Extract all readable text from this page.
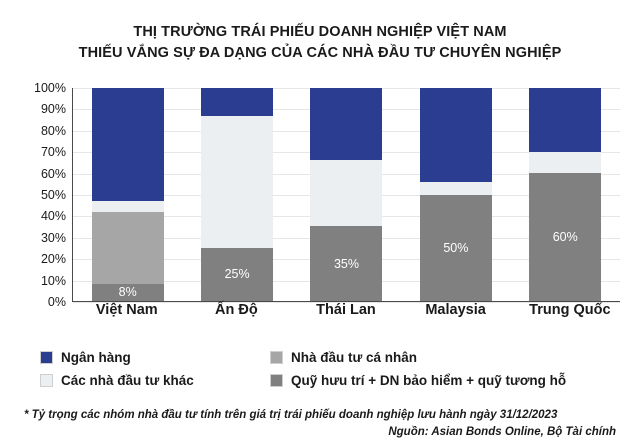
THỊ TRƯỜNG TRÁI PHIẾU DOANH NGHIỆP VIỆT NAM
THIẾU VẮNG SỰ ĐA DẠNG CỦA CÁC NHÀ ĐẦU TƯ CHUYÊN NGHIỆP
0%
10%
20%
30%
40%
50%
60%
70%
80%
90%
100%
8%
25%
35%
50%
60%
Việt Nam	Ấn Độ	Thái Lan	Malaysia	Trung Quốc
Ngân hàng	Nhà đầu tư cá nhân
Các nhà đầu tư khác	Quỹ hưu trí + DN bảo hiểm + quỹ tương hỗ
* Tỷ trọng các nhóm nhà đầu tư tính trên giá trị trái phiếu doanh nghiệp lưu hành ngày 31/12/2023
Nguồn: Asian Bonds Online, Bộ Tài chính
